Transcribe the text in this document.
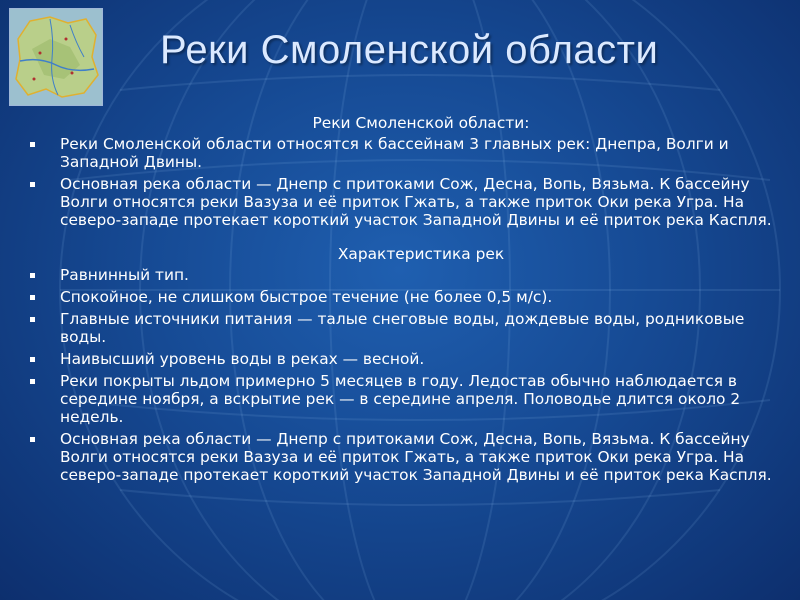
Реки Смоленской области
Реки Смоленской области:
Реки Смоленской области относятся к бассейнам 3 главных рек: Днепра, Волги и Западной Двины.
Основная река области — Днепр с притоками Сож, Десна, Вопь, Вязьма. К бассейну Волги относятся реки Вазуза и её приток Гжать, а также приток Оки река Угра. На северо-западе протекает короткий участок Западной Двины и её приток река Каспля.
Характеристика рек
Равнинный тип.
Спокойное, не слишком быстрое течение (не более 0,5 м/с).
Главные источники питания — талые снеговые воды, дождевые воды, родниковые воды.
Наивысший уровень воды в реках — весной.
Реки покрыты льдом примерно 5 месяцев в году. Ледостав обычно наблюдается в середине ноября, а вскрытие рек — в середине апреля. Половодье длится около 2 недель.
Основная река области — Днепр с притоками Сож, Десна, Вопь, Вязьма. К бассейну Волги относятся реки Вазуза и её приток Гжать, а также приток Оки река Угра. На северо-западе протекает короткий участок Западной Двины и её приток река Каспля.
